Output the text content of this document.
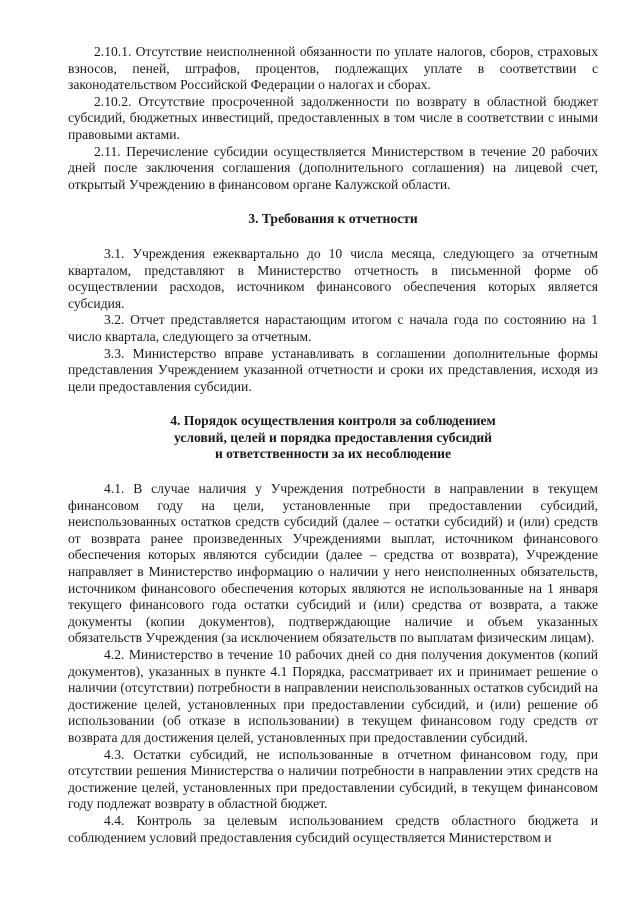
2.10.1. Отсутствие неисполненной обязанности по уплате налогов, сборов, страховых взносов, пеней, штрафов, процентов, подлежащих уплате в соответствии с законодательством Российской Федерации о налогах и сборах.

2.10.2. Отсутствие просроченной задолженности по возврату в областной бюджет субсидий, бюджетных инвестиций, предоставленных в том числе в соответствии с иными правовыми актами.

2.11. Перечисление субсидии осуществляется Министерством в течение 20 рабочих дней после заключения соглашения (дополнительного соглашения) на лицевой счет, открытый Учреждению в финансовом органе Калужской области.

3. Требования к отчетности

3.1. Учреждения ежеквартально до 10 числа месяца, следующего за отчетным кварталом, представляют в Министерство отчетность в письменной форме об осуществлении расходов, источником финансового обеспечения которых является субсидия.

3.2. Отчет представляется нарастающим итогом с начала года по состоянию на 1 число квартала, следующего за отчетным.

3.3. Министерство вправе устанавливать в соглашении дополнительные формы представления Учреждением указанной отчетности и сроки их представления, исходя из цели предоставления субсидии.

4. Порядок осуществления контроля за соблюдением
условий, целей и порядка предоставления субсидий
и ответственности за их несоблюдение

4.1. В случае наличия у Учреждения потребности в направлении в текущем финансовом году на цели, установленные при предоставлении субсидий, неиспользованных остатков средств субсидий (далее – остатки субсидий) и (или) средств от возврата ранее произведенных Учреждениями выплат, источником финансового обеспечения которых являются субсидии (далее – средства от возврата), Учреждение направляет в Министерство информацию о наличии у него неисполненных обязательств, источником финансового обеспечения которых являются не использованные на 1 января текущего финансового года остатки субсидий и (или) средства от возврата, а также документы (копии документов), подтверждающие наличие и объем указанных обязательств Учреждения (за исключением обязательств по выплатам физическим лицам).

4.2. Министерство в течение 10 рабочих дней со дня получения документов (копий документов), указанных в пункте 4.1 Порядка, рассматривает их и принимает решение о наличии (отсутствии) потребности в направлении неиспользованных остатков субсидий на достижение целей, установленных при предоставлении субсидий, и (или) решение об использовании (об отказе в использовании) в текущем финансовом году средств от возврата для достижения целей, установленных при предоставлении субсидий.

4.3. Остатки субсидий, не использованные в отчетном финансовом году, при отсутствии решения Министерства о наличии потребности в направлении этих средств на достижение целей, установленных при предоставлении субсидий, в текущем финансовом году подлежат возврату в областной бюджет.

4.4. Контроль за целевым использованием средств областного бюджета и соблюдением условий предоставления субсидий осуществляется Министерством и
